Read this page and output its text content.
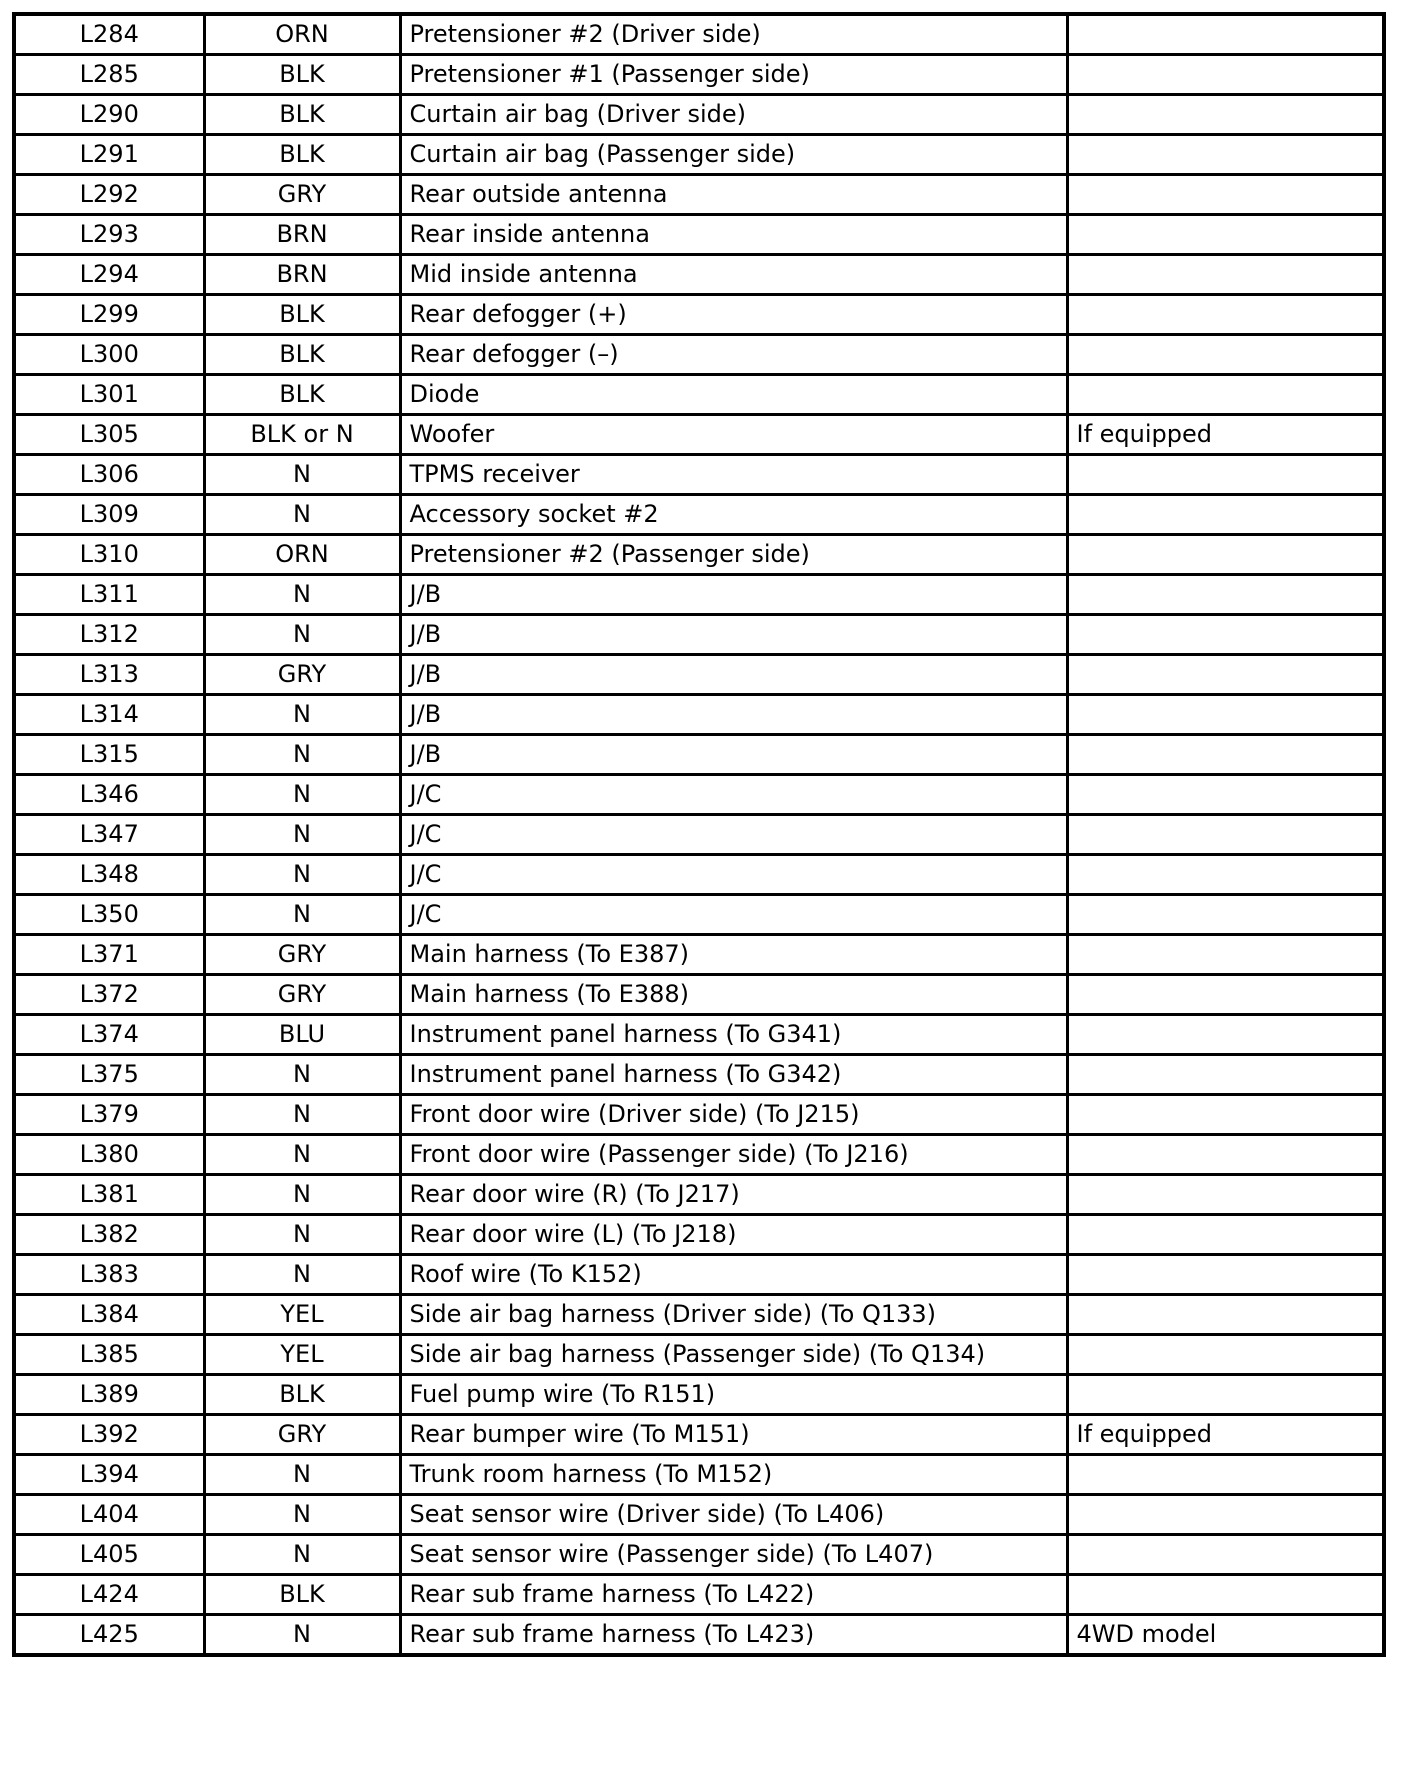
L284	ORN	Pretensioner #2 (Driver side)	
L285	BLK	Pretensioner #1 (Passenger side)	
L290	BLK	Curtain air bag (Driver side)	
L291	BLK	Curtain air bag (Passenger side)	
L292	GRY	Rear outside antenna	
L293	BRN	Rear inside antenna	
L294	BRN	Mid inside antenna	
L299	BLK	Rear defogger (+)	
L300	BLK	Rear defogger (–)	
L301	BLK	Diode	
L305	BLK or N	Woofer	If equipped
L306	N	TPMS receiver	
L309	N	Accessory socket #2	
L310	ORN	Pretensioner #2 (Passenger side)	
L311	N	J/B	
L312	N	J/B	
L313	GRY	J/B	
L314	N	J/B	
L315	N	J/B	
L346	N	J/C	
L347	N	J/C	
L348	N	J/C	
L350	N	J/C	
L371	GRY	Main harness (To E387)	
L372	GRY	Main harness (To E388)	
L374	BLU	Instrument panel harness (To G341)	
L375	N	Instrument panel harness (To G342)	
L379	N	Front door wire (Driver side) (To J215)	
L380	N	Front door wire (Passenger side) (To J216)	
L381	N	Rear door wire (R) (To J217)	
L382	N	Rear door wire (L) (To J218)	
L383	N	Roof wire (To K152)	
L384	YEL	Side air bag harness (Driver side) (To Q133)	
L385	YEL	Side air bag harness (Passenger side) (To Q134)	
L389	BLK	Fuel pump wire (To R151)	
L392	GRY	Rear bumper wire (To M151)	If equipped
L394	N	Trunk room harness (To M152)	
L404	N	Seat sensor wire (Driver side) (To L406)	
L405	N	Seat sensor wire (Passenger side) (To L407)	
L424	BLK	Rear sub frame harness (To L422)	
L425	N	Rear sub frame harness (To L423)	4WD model
